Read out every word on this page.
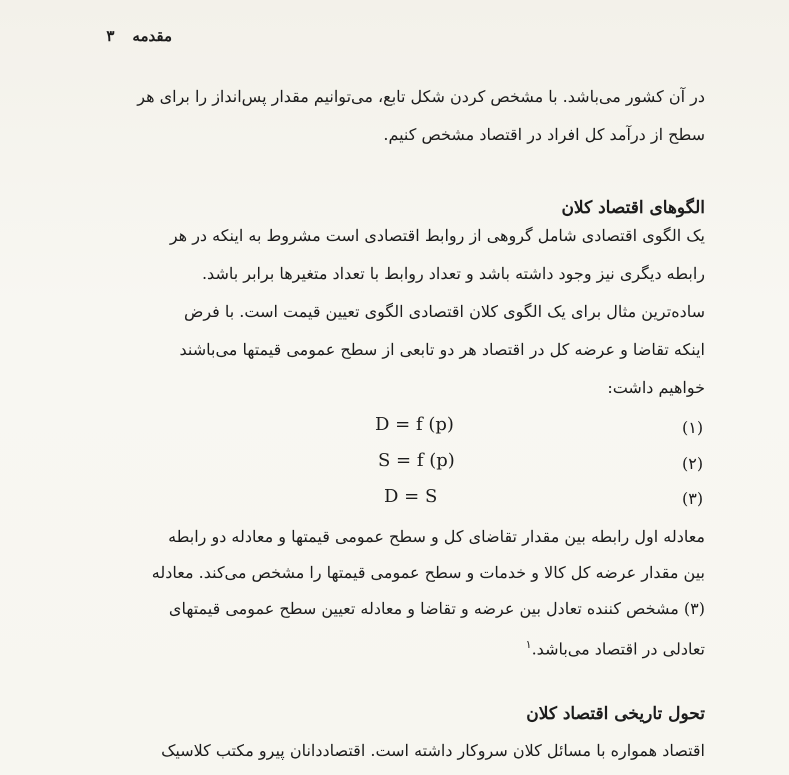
مقدمه
۳
در آن کشور می‌باشد. با مشخص کردن شکل تابع، می‌توانیم مقدار پس‌انداز را برای هر
سطح از درآمد کل افراد در اقتصاد مشخص کنیم.
الگوهای اقتصاد کلان
یک الگوی اقتصادی شامل گروهی از روابط اقتصادی است مشروط به اینکه در هر
رابطه دیگری نیز وجود داشته باشد و تعداد روابط با تعداد متغیرها برابر باشد.
ساده‌ترین مثال برای یک الگوی کلان اقتصادی الگوی تعیین قیمت است. با فرض
اینکه تقاضا و عرضه کل در اقتصاد هر دو تابعی از سطح عمومی قیمتها می‌باشند
خواهیم داشت:
D = f (p)	(۱)
S = f (p)	(۲)
D = S	(۳)
معادله اول رابطه بین مقدار تقاضای کل و سطح عمومی قیمتها و معادله دو رابطه
بین مقدار عرضه کل کالا و خدمات و سطح عمومی قیمتها را مشخص می‌کند. معادله
(۳) مشخص کننده تعادل بین عرضه و تقاضا و معادله تعیین سطح عمومی قیمتهای
تعادلی در اقتصاد می‌باشد.$^۱$
تحول تاریخی اقتصاد کلان
اقتصاد همواره با مسائل کلان سروکار داشته است. اقتصاددانان پیرو مکتب کلاسیک
